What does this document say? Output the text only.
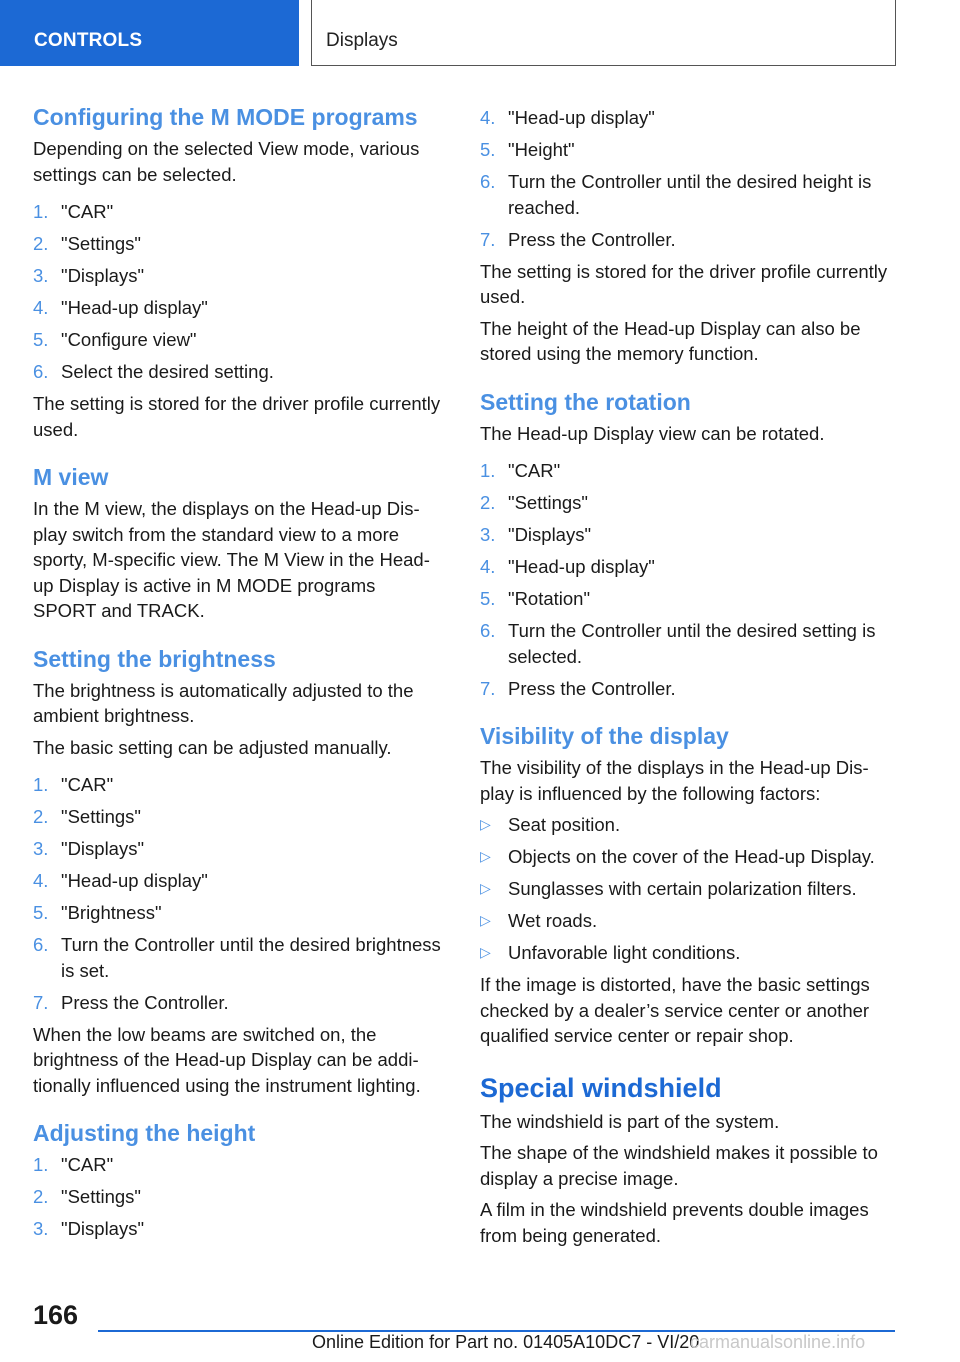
CONTROLS	Displays
Configuring the M MODE programs

Depending on the selected View mode, various settings can be selected.

1. "CAR"
2. "Settings"
3. "Displays"
4. "Head-up display"
5. "Configure view"
6. Select the desired setting.

The setting is stored for the driver profile currently used.

M view

In the M view, the displays on the Head-up Display switch from the standard view to a more sporty, M-specific view. The M View in the Head-up Display is active in M MODE programs SPORT and TRACK.

Setting the brightness

The brightness is automatically adjusted to the ambient brightness.

The basic setting can be adjusted manually.

1. "CAR"
2. "Settings"
3. "Displays"
4. "Head-up display"
5. "Brightness"
6. Turn the Controller until the desired brightness is set.
7. Press the Controller.

When the low beams are switched on, the brightness of the Head-up Display can be additionally influenced using the instrument lighting.

Adjusting the height
1. "CAR"
2. "Settings"
3. "Displays"
4. "Head-up display"
5. "Height"
6. Turn the Controller until the desired height is reached.
7. Press the Controller.

The setting is stored for the driver profile currently used.

The height of the Head-up Display can also be stored using the memory function.

Setting the rotation

The Head-up Display view can be rotated.

1. "CAR"
2. "Settings"
3. "Displays"
4. "Head-up display"
5. "Rotation"
6. Turn the Controller until the desired setting is selected.
7. Press the Controller.
Visibility of the display

The visibility of the displays in the Head-up Display is influenced by the following factors:

▷ Seat position.
▷ Objects on the cover of the Head-up Display.
▷ Sunglasses with certain polarization filters.
▷ Wet roads.
▷ Unfavorable light conditions.

If the image is distorted, have the basic settings checked by a dealer’s service center or another qualified service center or repair shop.

Special windshield

The windshield is part of the system.

The shape of the windshield makes it possible to display a precise image.

A film in the windshield prevents double images from being generated.

166
Online Edition for Part no. 01405A10DC7 - VI/20
carmanualsonline.info
